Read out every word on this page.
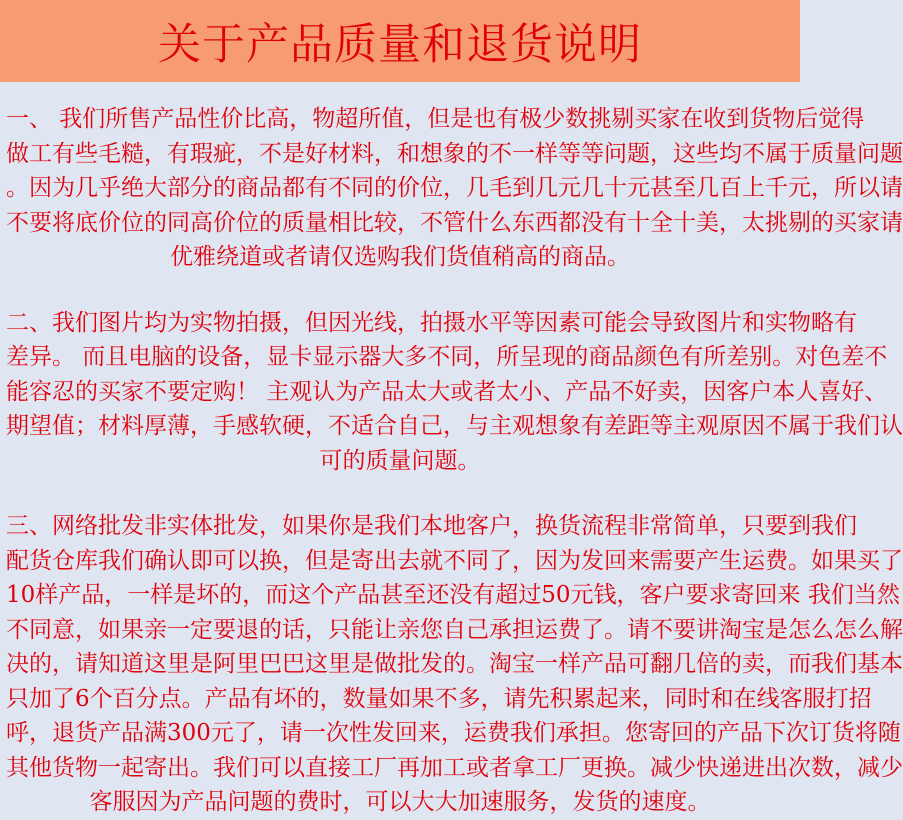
关于产品质量和退货说明

一、 我们所售产品性价比高，物超所值，但是也有极少数挑剔买家在收到货物后觉得
做工有些毛糙，有瑕疵，不是好材料，和想象的不一样等等问题，这些均不属于质量问题
。因为几乎绝大部分的商品都有不同的价位，几毛到几元几十元甚至几百上千元，所以请
不要将底价位的同高价位的质量相比较，不管什么东西都没有十全十美，太挑剔的买家请
优雅绕道或者请仅选购我们货值稍高的商品。

二、我们图片均为实物拍摄，但因光线，拍摄水平等因素可能会导致图片和实物略有
差异。 而且电脑的设备，显卡显示器大多不同，所呈现的商品颜色有所差别。对色差不
能容忍的买家不要定购！ 主观认为产品太大或者太小、产品不好卖，因客户本人喜好、
期望值；材料厚薄，手感软硬，不适合自己，与主观想象有差距等主观原因不属于我们认
可的质量问题。

三、网络批发非实体批发，如果你是我们本地客户，换货流程非常简单，只要到我们
配货仓库我们确认即可以换，但是寄出去就不同了，因为发回来需要产生运费。如果买了
10样产品，一样是坏的，而这个产品甚至还没有超过50元钱，客户要求寄回来 我们当然
不同意，如果亲一定要退的话，只能让亲您自己承担运费了。请不要讲淘宝是怎么怎么解
决的，请知道这里是阿里巴巴这里是做批发的。淘宝一样产品可翻几倍的卖，而我们基本
只加了6个百分点。产品有坏的，数量如果不多，请先积累起来，同时和在线客服打招
呼，退货产品满300元了，请一次性发回来，运费我们承担。您寄回的产品下次订货将随
其他货物一起寄出。我们可以直接工厂再加工或者拿工厂更换。减少快递进出次数，减少
客服因为产品问题的费时，可以大大加速服务，发货的速度。
